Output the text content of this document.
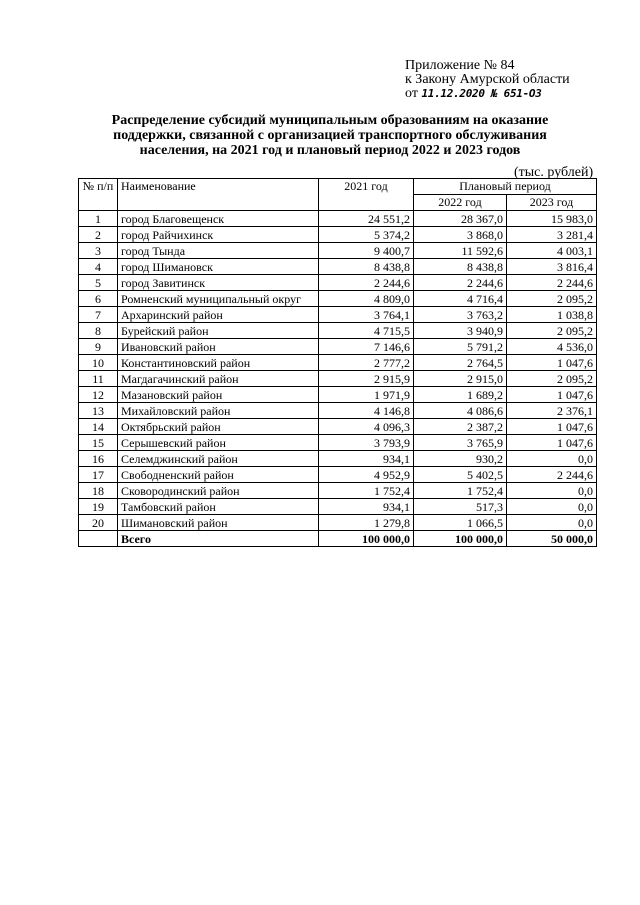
Приложение № 84
к Закону Амурской области
от 11.12.2020 № 651-ОЗ
Распределение субсидий муниципальным образованиям на оказание
поддержки, связанной с организацией транспортного обслуживания
населения, на 2021 год и плановый период 2022 и 2023 годов
(тыс. рублей)
№ п/п	Наименование	2021 год	Плановый период	
			2022 год	2023 год
1	город Благовещенск	24 551,2	28 367,0	15 983,0
2	город Райчихинск	5 374,2	3 868,0	3 281,4
3	город Тында	9 400,7	11 592,6	4 003,1
4	город Шимановск	8 438,8	8 438,8	3 816,4
5	город Завитинск	2 244,6	2 244,6	2 244,6
6	Ромненский муниципальный округ	4 809,0	4 716,4	2 095,2
7	Архаринский район	3 764,1	3 763,2	1 038,8
8	Бурейский район	4 715,5	3 940,9	2 095,2
9	Ивановский район	7 146,6	5 791,2	4 536,0
10	Константиновский район	2 777,2	2 764,5	1 047,6
11	Магдагачинский район	2 915,9	2 915,0	2 095,2
12	Мазановский район	1 971,9	1 689,2	1 047,6
13	Михайловский район	4 146,8	4 086,6	2 376,1
14	Октябрьский район	4 096,3	2 387,2	1 047,6
15	Серышевский район	3 793,9	3 765,9	1 047,6
16	Селемджинский район	934,1	930,2	0,0
17	Свободненский район	4 952,9	5 402,5	2 244,6
18	Сковородинский район	1 752,4	1 752,4	0,0
19	Тамбовский район	934,1	517,3	0,0
20	Шимановский район	1 279,8	1 066,5	0,0
	Всего	100 000,0	100 000,0	50 000,0
